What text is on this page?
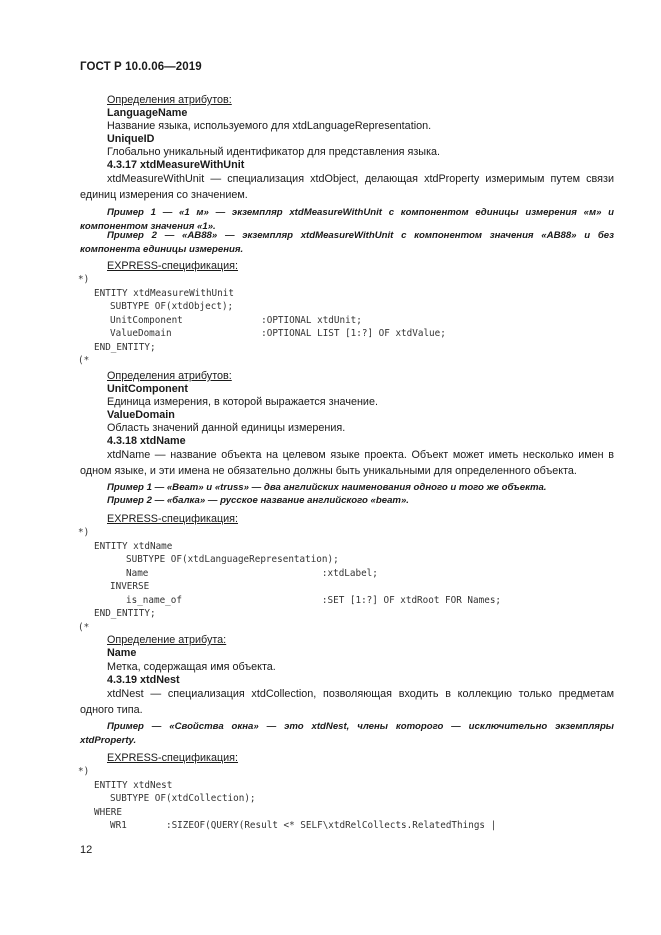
ГОСТ Р 10.0.06—2019
Определения атрибутов:
LanguageName
Название языка, используемого для xtdLanguageRepresentation.
UniqueID
Глобально уникальный идентификатор для представления языка.
4.3.17 xtdMeasureWithUnit

xtdMeasureWithUnit — специализация xtdObject, делающая xtdProperty измеримым путем связи единиц измерения со значением.

Пример 1 — «1 м» — экземпляр xtdMeasureWithUnit с компонентом единицы измерения «м» и компонентом значения «1».

Пример 2 — «AB88» — экземпляр xtdMeasureWithUnit с компонентом значения «AB88» и без компонента единицы измерения.

EXPRESS-спецификация:
*)
ENTITY xtdMeasureWithUnit
SUBTYPE OF(xtdObject);
UnitComponent              :OPTIONAL xtdUnit;
ValueDomain                :OPTIONAL LIST [1:?] OF xtdValue;
END_ENTITY;
(*
Определения атрибутов:
UnitComponent
Единица измерения, в которой выражается значение.
ValueDomain
Область значений данной единицы измерения.
4.3.18 xtdName

xtdName — название объекта на целевом языке проекта. Объект может иметь несколько имен в одном языке, и эти имена не обязательно должны быть уникальными для определенного объекта.

Пример 1 — «Beam» и «truss» — два английских наименования одного и того же объекта.

Пример 2 — «балка» — русское название английского «beam».

EXPRESS-спецификация:
*)
ENTITY xtdName
SUBTYPE OF(xtdLanguageRepresentation);
Name                               :xtdLabel;
INVERSE
is_name_of                         :SET [1:?] OF xtdRoot FOR Names;
END_ENTITY;
(*
Определение атрибута:
Name
Метка, содержащая имя объекта.
4.3.19 xtdNest

xtdNest — специализация xtdCollection, позволяющая входить в коллекцию только предметам одного типа.

Пример — «Свойства окна» — это xtdNest, члены которого — исключительно экземпляры xtdProperty.

EXPRESS-спецификация:
*)
ENTITY xtdNest
SUBTYPE OF(xtdCollection);
WHERE
WR1       :SIZEOF(QUERY(Result <* SELF\xtdRelCollects.RelatedThings |
12
